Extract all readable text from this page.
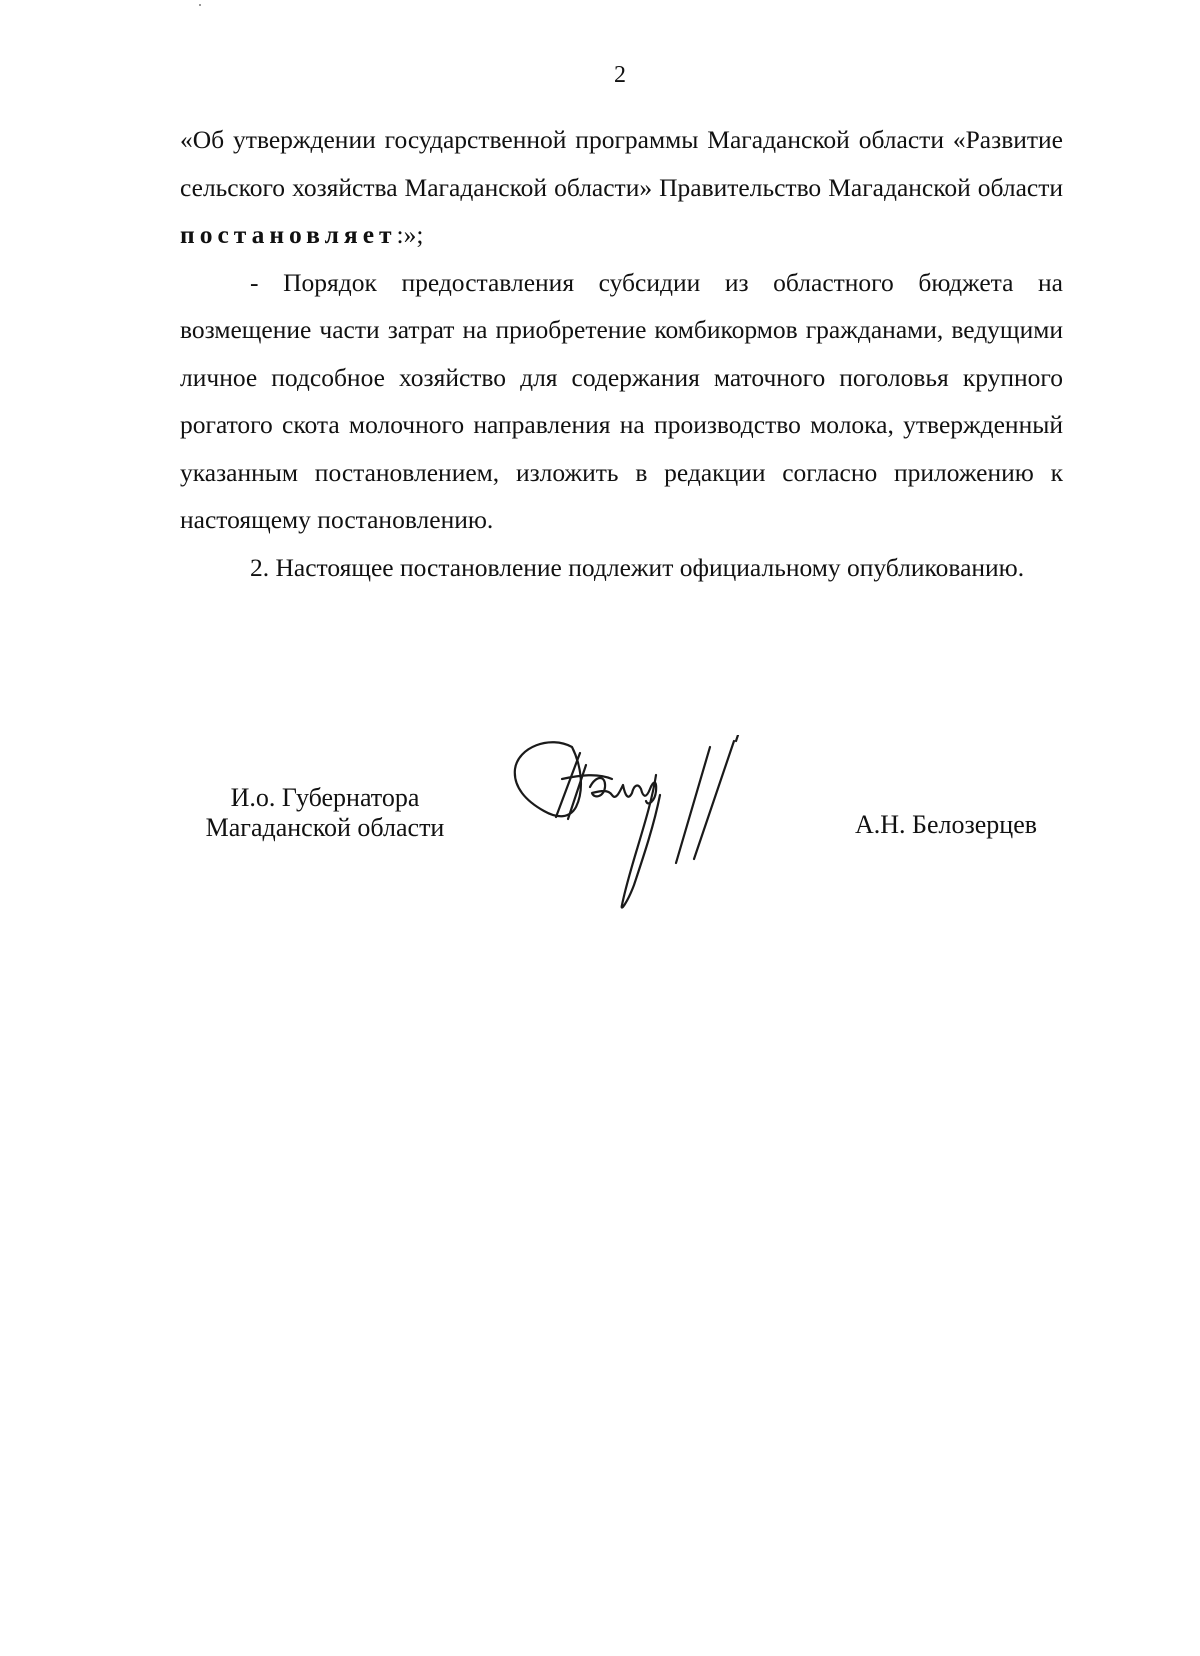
2

«Об утверждении государственной программы Магаданской области «Развитие сельского хозяйства Магаданской области» Правительство Магаданской области постановляет:»;

- Порядок предоставления субсидии из областного бюджета на возмещение части затрат на приобретение комбикормов гражданами, ведущими личное подсобное хозяйство для содержания маточного поголовья крупного рогатого скота молочного направления на производство молока, утвержденный указанным постановлением, изложить в редакции согласно приложению к настоящему постановлению.

2. Настоящее постановление подлежит официальному опубликованию.

И.о. Губернатора
Магаданской области	А.Н. Белозерцев
